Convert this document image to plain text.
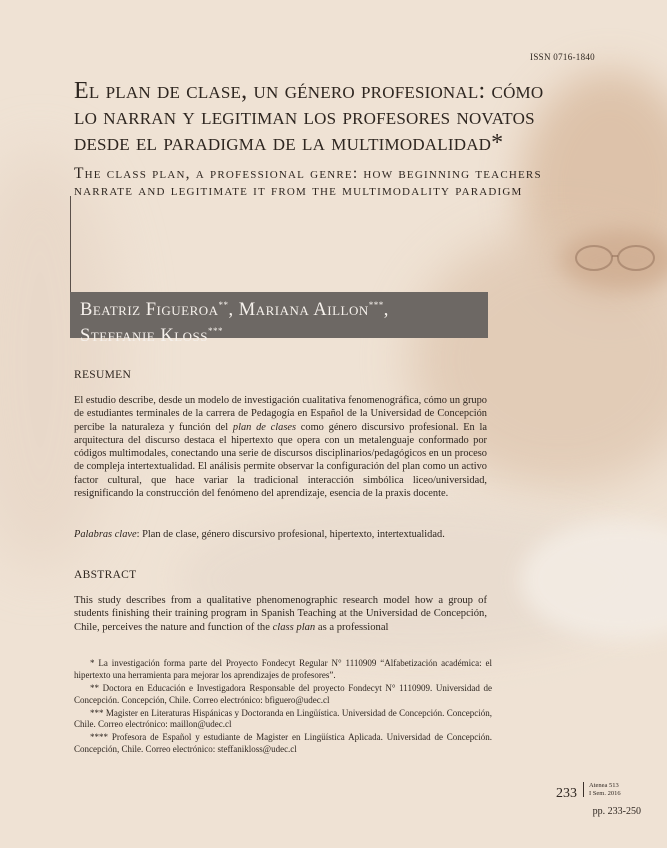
ISSN 0716-1840
El plan de clase, un género profesional: cómo lo narran y legitiman los profesores novatos desde el paradigma de la multimodalidad*
The class plan, a professional genre: how beginning teachers narrate and legitimate it from the multimodality paradigm

Beatriz Figueroa**, Mariana Aillon***,
Steffanie Kloss***

RESUMEN

El estudio describe, desde un modelo de investigación cualitativa fenomenográfica, cómo un grupo de estudiantes terminales de la carrera de Pedagogía en Español de la Universidad de Concepción percibe la naturaleza y función del plan de clases como género discursivo profesional. En la arquitectura del discurso destaca el hipertexto que opera con un metalenguaje conformado por códigos multimodales, conectando una serie de discursos disciplinarios/pedagógicos en un proceso de compleja intertextualidad. El análisis permite observar la configuración del plan como un activo factor cultural, que hace variar la tradicional interacción simbólica liceo/universidad, resignificando la construcción del fenómeno del aprendizaje, esencia de la praxis docente.

Palabras clave: Plan de clase, género discursivo profesional, hipertexto, intertextualidad.

ABSTRACT

This study describes from a qualitative phenomenographic research model how a group of students finishing their training program in Spanish Teaching at the Universidad de Concepción, Chile, perceives the nature and function of the class plan as a professional

* La investigación forma parte del Proyecto Fondecyt Regular N° 1110909 “Alfabetización académica: el hipertexto una herramienta para mejorar los aprendizajes de profesores”.

** Doctora en Educación e Investigadora Responsable del proyecto Fondecyt N° 1110909. Universidad de Concepción. Concepción, Chile. Correo electrónico: bfiguero@udec.cl

*** Magister en Literaturas Hispánicas y Doctoranda en Lingüística. Universidad de Concepción. Concepción, Chile. Correo electrónico: maillon@udec.cl

**** Profesora de Español y estudiante de Magister en Lingüística Aplicada. Universidad de Concepción. Concepción, Chile. Correo electrónico: steffanikloss@udec.cl

233
Atenea 513
I Sem. 2016
pp. 233-250
